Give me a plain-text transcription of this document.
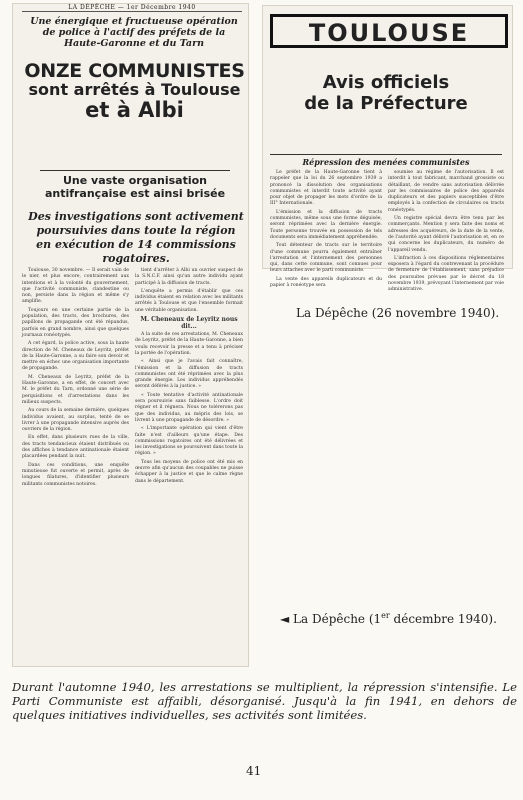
LA DÉPÊCHE — 1er Décembre 1940
Une énergique et fructueuse opération de police à l'actif des préfets de la Haute-Garonne et du Tarn
ONZE COMMUNISTES
sont arrêtés à Toulouse
et à Albi
Une vaste organisation antifrançaise est ainsi brisée
Des investigations sont activement poursuivies dans toute la région en exécution de 14 commissions rogatoires.

Toulouse, 30 novembre. — Il serait vain de le nier, et plus encore, contrairement aux intentions et à la volonté du gouvernement, que l'activité communiste, clandestine ou non, persiste dans la région et même s'y amplifie.

Toujours en une certaine partie de la population, des tracts, des brochures, des papillons de propagande ont été répandus, parfois en grand nombre, ainsi que quelques journaux ronéotypés.

A cet égard, la police active, sous la haute direction de M. Cheneaux de Leyritz, préfet de la Haute-Garonne, a su faire son devoir et mettre en échec une organisation importante de propagande.

M. Cheneaux de Leyritz, préfet de la Haute-Garonne, a en effet, de concert avec M. le préfet du Tarn, ordonné une série de perquisitions et d'arrestations dans les milieux suspects.

Au cours de la semaine dernière, quelques individus avaient, au surplus, tenté de se livrer à une propagande intensive auprès des ouvriers de la région.

En effet, dans plusieurs rues de la ville, des tracts tendancieux étaient distribués ou des affiches à tendance antinationale étaient placardées pendant la nuit.

Dans ces conditions, une enquête minutieuse fut ouverte et permit, après de longues filatures, d'identifier plusieurs militants communistes notoires.

tient d'arrêter à Albi un ouvrier suspect de la S.N.C.F. ainsi qu'un autre individu ayant participé à la diffusion de tracts.

L'enquête a permis d'établir que ces individus étaient en relation avec les militants arrêtés à Toulouse et que l'ensemble formait une véritable organisation.

M. Cheneaux de Leyritz nous dit...

A la suite de ces arrestations, M. Cheneaux de Leyritz, préfet de la Haute-Garonne, a bien voulu recevoir la presse et a tenu à préciser la portée de l'opération.

« Ainsi que je l'avais fait connaître, l'émission et la diffusion de tracts communistes ont été réprimées avec la plus grande énergie. Les individus appréhendés seront déférés à la justice. »

« Toute tentative d'activité antinationale sera poursuivie sans faiblesse. L'ordre doit régner et il régnera. Nous ne tolérerons pas que des individus, au mépris des lois, se livrent à une propagande de désordre. »

« L'importante opération qui vient d'être faite n'est d'ailleurs qu'une étape. Des commissions rogatoires ont été délivrées et les investigations se poursuivent dans toute la région. »

Tous les moyens de police ont été mis en œuvre afin qu'aucun des coupables ne puisse échapper à la justice et que le calme règne dans le département.

TOULOUSE
Avis officiels
de la Préfecture
Répression des menées communistes

Le préfet de la Haute-Garonne tient à rappeler que la loi du 26 septembre 1939 a prononcé la dissolution des organisations communistes et interdit toute activité ayant pour objet de propager les mots d'ordre de la III° Internationale.

L'émission et la diffusion de tracts communistes, même sous une forme déguisée, seront réprimées avec la dernière énergie. Toute personne trouvée en possession de tels documents sera immédiatement appréhendée.

Tout détenteur de tracts sur le territoire d'une commune pourra également entraîner l'arrestation et l'internement des personnes qui, dans cette commune, sont connues pour leurs attaches avec le parti communiste.

La vente des appareils duplicateurs et du papier à ronéotype sera

soumise au régime de l'autorisation. Il est interdit à tout fabricant, marchand grossiste ou détaillant, de vendre sans autorisation délivrée par les commissaires de police des appareils duplicateurs et des papiers susceptibles d'être employés à la confection de circulaires ou tracts ronéotypés.

Un registre spécial devra être tenu par les commerçants. Mention y sera faite des noms et adresses des acquéreurs, de la date de la vente, de l'autorité ayant délivré l'autorisation et, en ce qui concerne les duplicateurs, du numéro de l'appareil vendu.

L'infraction à ces dispositions réglementaires exposera à l'égard du contrevenant la procédure de fermeture de l'établissement, sans préjudice des poursuites prévues par le décret du 18 novembre 1939, prévoyant l'internement par voie administrative.

La Dépêche (26 novembre 1940).
◄ La Dépêche (1er décembre 1940).
Durant l'automne 1940, les arrestations se multiplient, la répression s'intensifie. Le Parti Communiste est affaibli, désorganisé. Jusqu'à la fin 1941, en dehors de quelques initiatives individuelles, ses activités sont limitées.
41
